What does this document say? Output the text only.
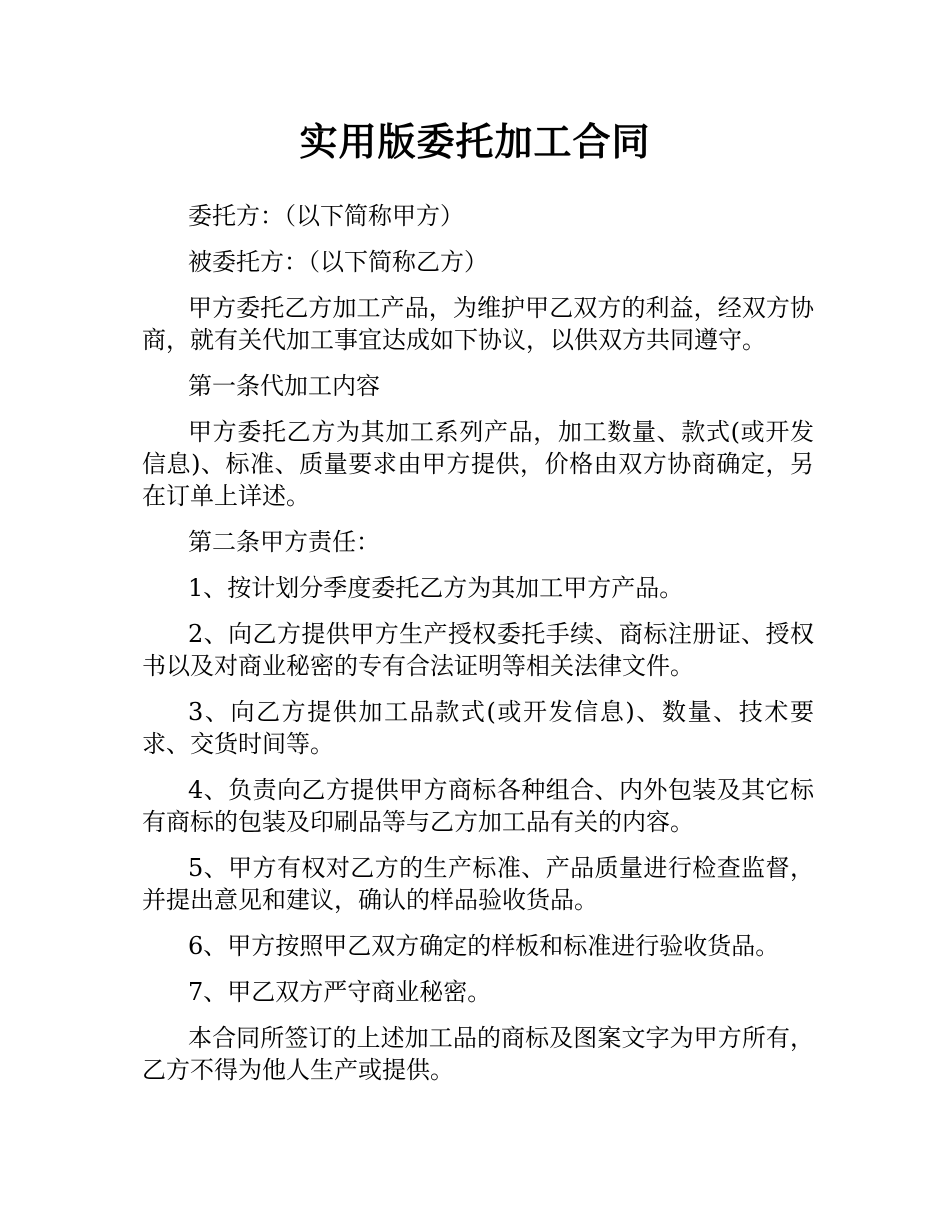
实用版委托加工合同

委托方：（以下简称甲方）

被委托方：（以下简称乙方）

甲方委托乙方加工产品，为维护甲乙双方的利益，经双方协商，就有关代加工事宜达成如下协议，以供双方共同遵守。

第一条代加工内容

甲方委托乙方为其加工系列产品，加工数量、款式(或开发信息)、标准、质量要求由甲方提供，价格由双方协商确定，另在订单上详述。

第二条甲方责任：

1、按计划分季度委托乙方为其加工甲方产品。

2、向乙方提供甲方生产授权委托手续、商标注册证、授权书以及对商业秘密的专有合法证明等相关法律文件。

3、向乙方提供加工品款式(或开发信息)、数量、技术要求、交货时间等。

4、负责向乙方提供甲方商标各种组合、内外包装及其它标有商标的包装及印刷品等与乙方加工品有关的内容。

5、甲方有权对乙方的生产标准、产品质量进行检查监督，并提出意见和建议，确认的样品验收货品。

6、甲方按照甲乙双方确定的样板和标准进行验收货品。

7、甲乙双方严守商业秘密。

本合同所签订的上述加工品的商标及图案文字为甲方所有，乙方不得为他人生产或提供。
